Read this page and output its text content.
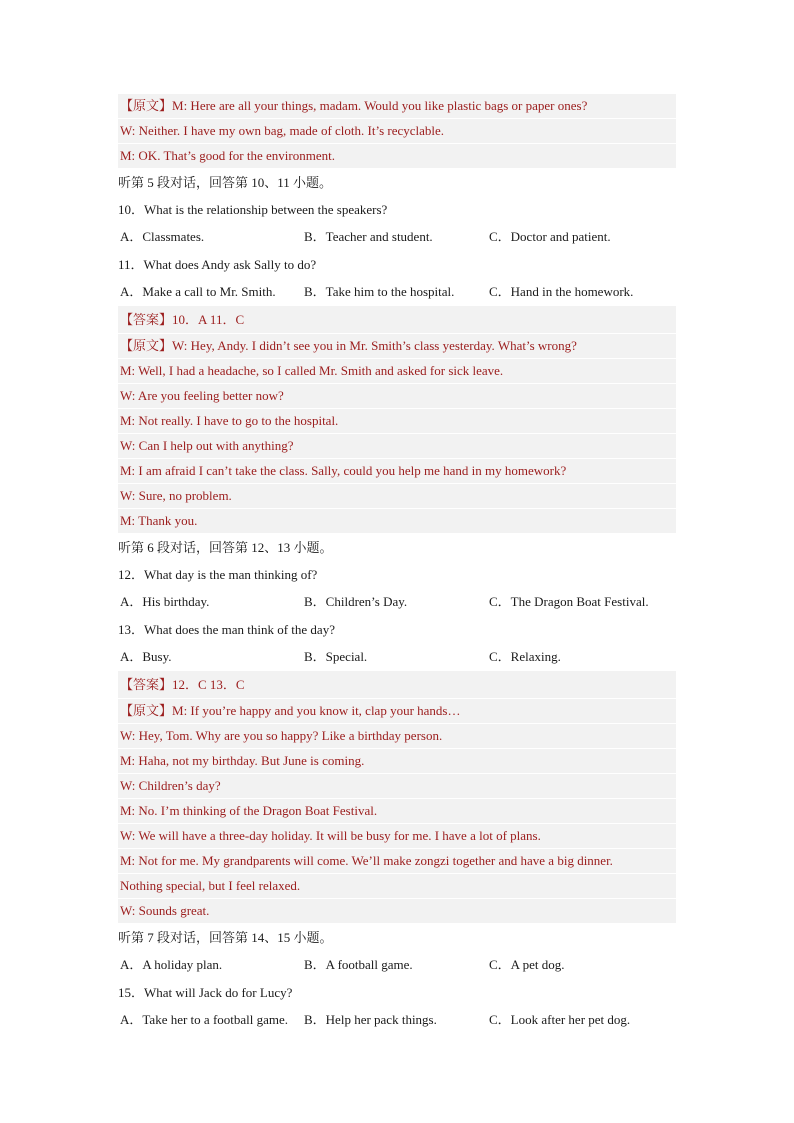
【原文】M: Here are all your things, madam. Would you like plastic bags or paper ones?
W: Neither. I have my own bag, made of cloth. It’s recyclable.
M: OK. That’s good for the environment.
听第 5 段对话，回答第 10、11 小题。
10．What is the relationship between the speakers?
A．Classmates.	B．Teacher and student.	C．Doctor and patient.
11．What does Andy ask Sally to do?
A．Make a call to Mr. Smith. B．Take him to the hospital.	C．Hand in the homework.
【答案】10．A 11．C
【原文】W: Hey, Andy. I didn’t see you in Mr. Smith’s class yesterday. What’s wrong?
M: Well, I had a headache, so I called Mr. Smith and asked for sick leave.
W: Are you feeling better now?
M: Not really. I have to go to the hospital.
W: Can I help out with anything?
M: I am afraid I can’t take the class. Sally, could you help me hand in my homework?
W: Sure, no problem.
M: Thank you.
听第 6 段对话，回答第 12、13 小题。
12．What day is the man thinking of?
A．His birthday.	B．Children’s Day.	C．The Dragon Boat Festival.
13．What does the man think of the day?
A．Busy.	B．Special.	C．Relaxing.
【答案】12．C 13．C
【原文】M: If you’re happy and you know it, clap your hands…
W: Hey, Tom. Why are you so happy? Like a birthday person.
M: Haha, not my birthday. But June is coming.
W: Children’s day?
M: No. I’m thinking of the Dragon Boat Festival.
W: We will have a three-day holiday. It will be busy for me. I have a lot of plans.
M: Not for me. My grandparents will come. We’ll make zongzi together and have a big dinner.
Nothing special, but I feel relaxed.
W: Sounds great.
听第 7 段对话，回答第 14、15 小题。
A．A holiday plan.	B．A football game.	C．A pet dog.
15．What will Jack do for Lucy?
A．Take her to a football game. B．Help her pack things.	C．Look after her pet dog.
